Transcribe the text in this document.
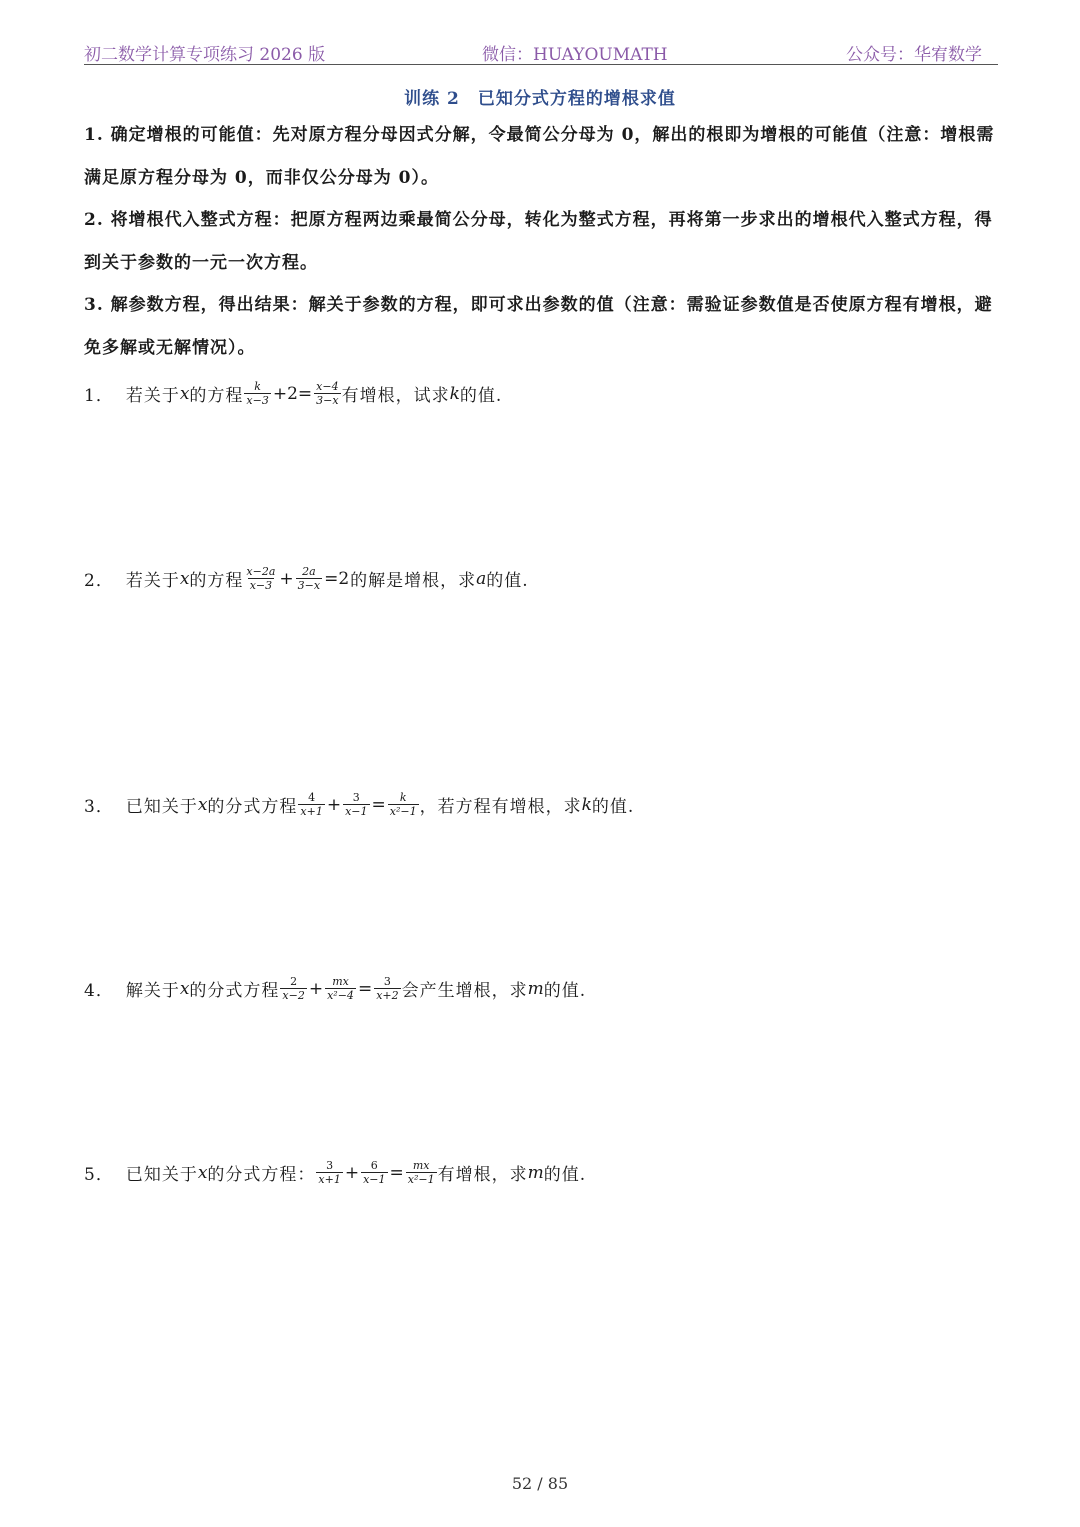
初二数学计算专项练习 2026 版	微信：HUAYOUMATH	公众号：华宥数学
训练 2　已知分式方程的增根求值
1. 确定增根的可能值：先对原方程分母因式分解，令最简公分母为 0，解出的根即为增根的可能值（注意：增根需满足原方程分母为 0，而非仅公分母为 0）。
2. 将增根代入整式方程：把原方程两边乘最简公分母，转化为整式方程，再将第一步求出的增根代入整式方程，得到关于参数的一元一次方程。
3. 解参数方程，得出结果：解关于参数的方程，即可求出参数的值（注意：需验证参数值是否使原方程有增根，避免多解或无解情况）。
1． 若关于 x 的方程 $\frac{k}{x-3} +2= \frac{x-4}{3-x}$ 有增根，试求 k 的值.
2． 若关于 x 的方程 $\frac{x-2a}{x-3} + \frac{2a}{3-x} =2$ 的解是增根，求 a 的值.
3． 已知关于 x 的分式方程 $\frac{4}{x+1} + \frac{3}{x-1} = \frac{k}{\text{x²−1}}$ ，若方程有增根，求 k 的值.
4． 解关于 x 的分式方程 $\frac{2}{x-2} + \frac{mx}{\text{x²−4}} = \frac{3}{x+2}$ 会产生增根，求 m 的值.
5． 已知关于 x 的分式方程： $\frac{3}{x+1} + \frac{6}{x-1} = \frac{mx}{\text{x²−1}}$ 有增根，求 m 的值.
52 / 85
